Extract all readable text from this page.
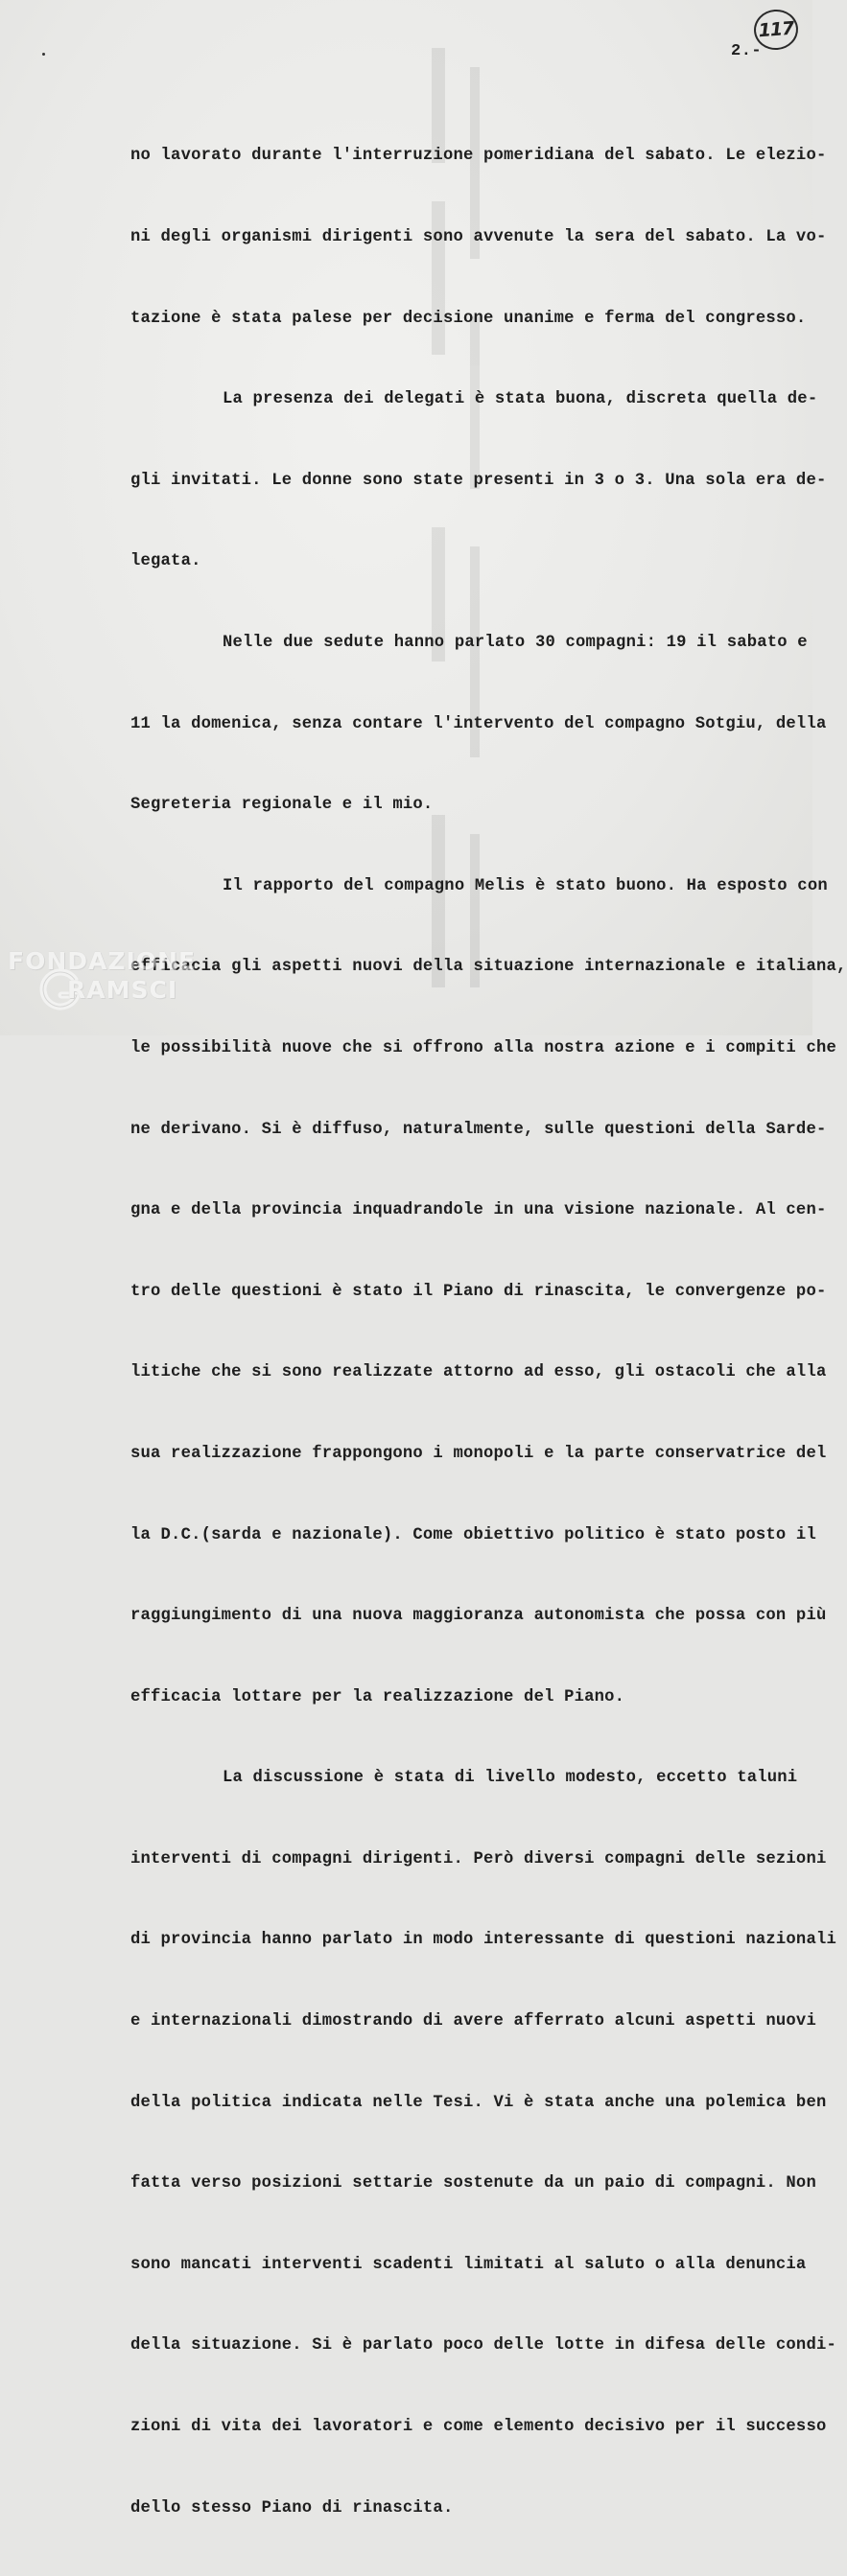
117
2.-

no lavorato durante l'interruzione pomeridiana del sabato. Le elezio-

ni degli organismi dirigenti sono avvenute la sera del sabato. La vo-

tazione è stata palese per decisione unanime e ferma del congresso.

La presenza dei delegati è stata buona, discreta quella de-

gli invitati. Le donne sono state presenti in 3 o 3. Una sola era de-

legata.

Nelle due sedute hanno parlato 30 compagni: 19 il sabato e

11 la domenica, senza contare l'intervento del compagno Sotgiu, della

Segreteria regionale e il mio.

Il rapporto del compagno Melis è stato buono. Ha esposto con

efficacia gli aspetti nuovi della situazione internazionale e italiana,

le possibilità nuove che si offrono alla nostra azione e i compiti che

ne derivano. Si è diffuso, naturalmente, sulle questioni della Sarde-

gna e della provincia inquadrandole in una visione nazionale. Al cen-

tro delle questioni è stato il Piano di rinascita, le convergenze po-

litiche che si sono realizzate attorno ad esso, gli ostacoli che alla

sua realizzazione frappongono i monopoli e la parte conservatrice del

la D.C.(sarda e nazionale). Come obiettivo politico è stato posto il

raggiungimento di una nuova maggioranza autonomista che possa con più

efficacia lottare per la realizzazione del Piano.

La discussione è stata di livello modesto, eccetto taluni

interventi di compagni dirigenti. Però diversi compagni delle sezioni

di provincia hanno parlato in modo interessante di questioni nazionali

e internazionali dimostrando di avere afferrato alcuni aspetti nuovi

della politica indicata nelle Tesi. Vi è stata anche una polemica ben

fatta verso posizioni settarie sostenute da un paio di compagni. Non

sono mancati interventi scadenti limitati al saluto o alla denuncia

della situazione. Si è parlato poco delle lotte in difesa delle condi-

zioni di vita dei lavoratori e come elemento decisivo per il successo

dello stesso Piano di rinascita.

FONDAZIONE
RAMSCI
